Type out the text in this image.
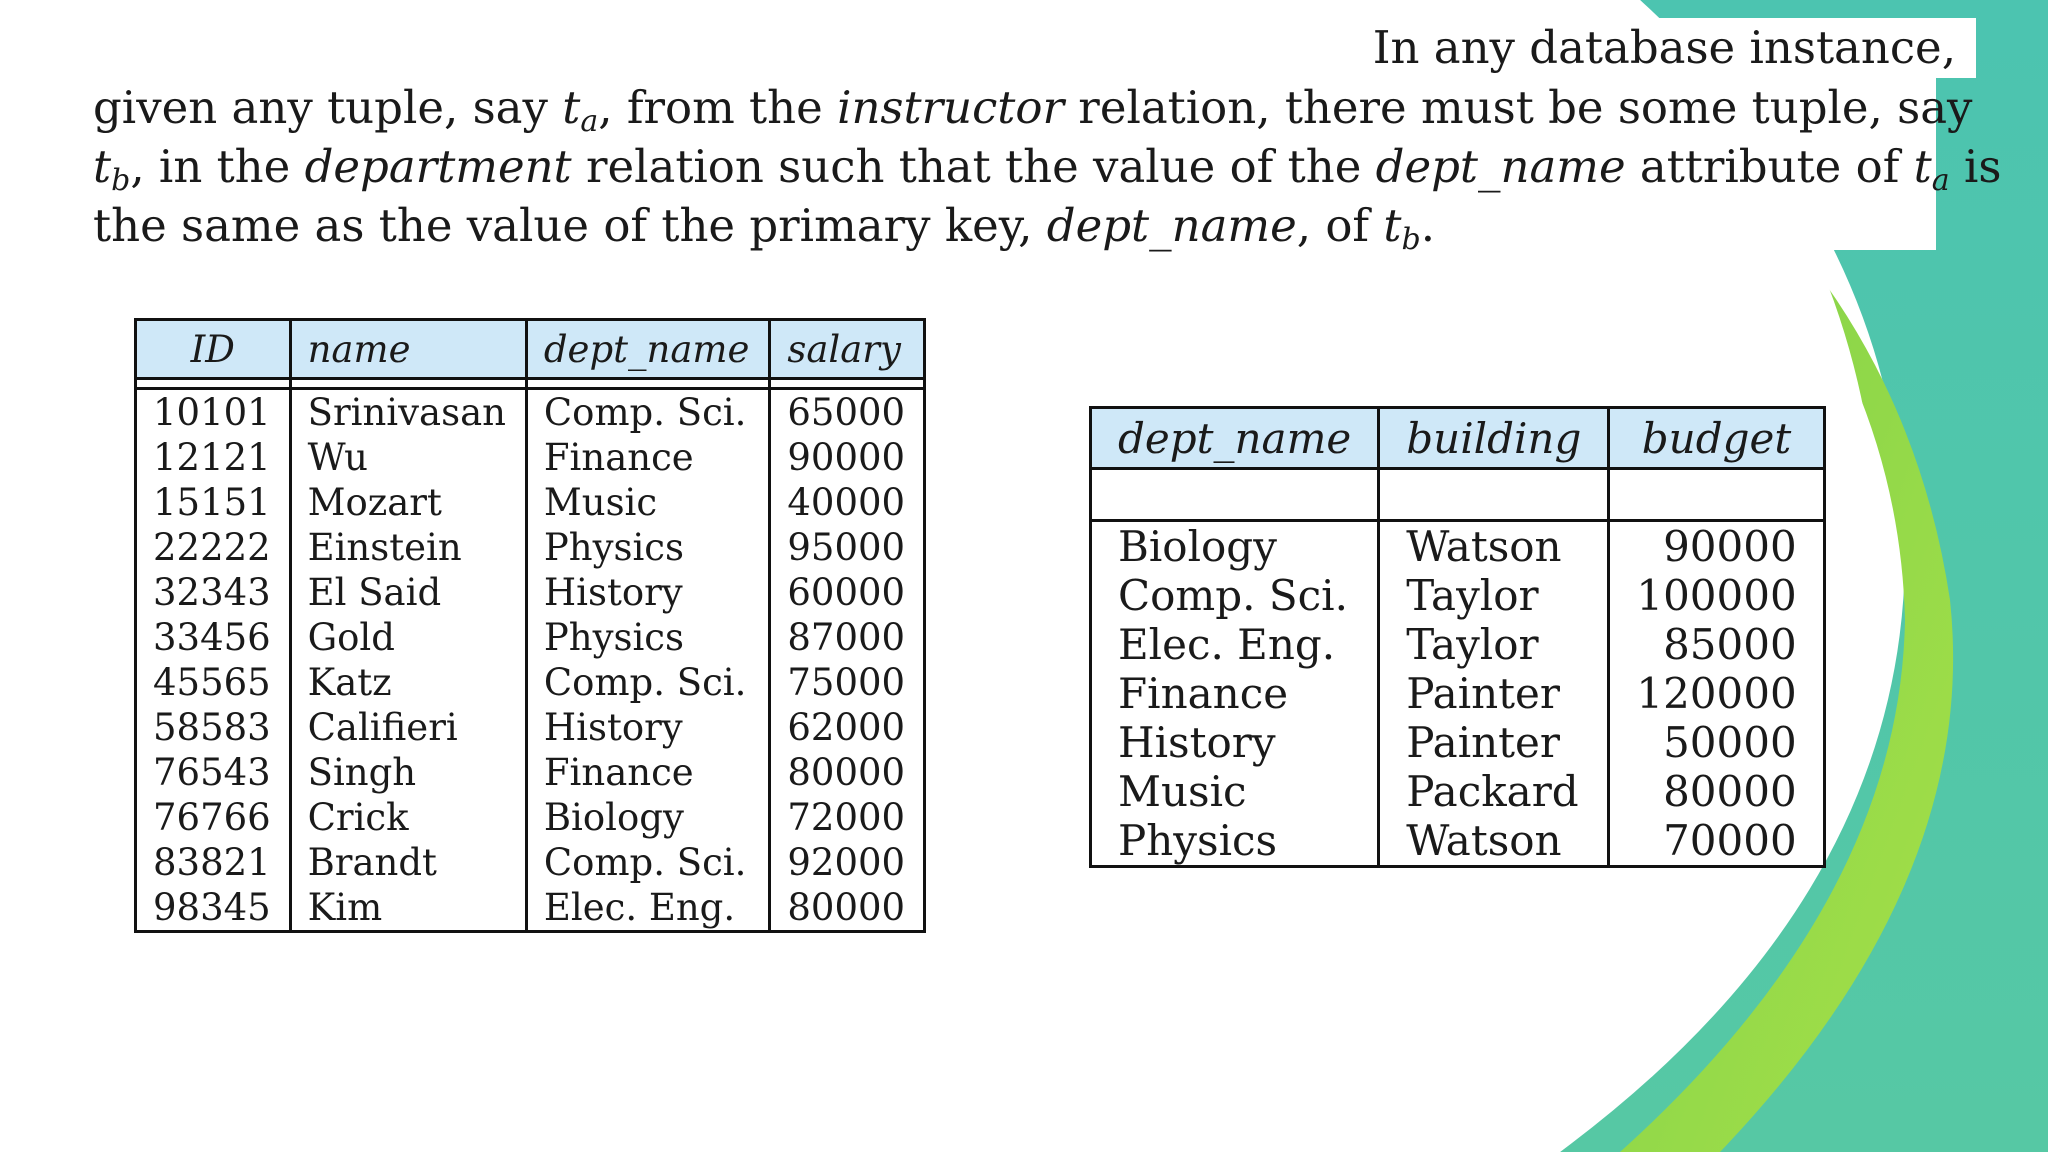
In any database instance,
given any tuple, say $t_a$, from the instructor relation, there must be some tuple, say
$t_b$, in the department relation such that the value of the dept_name attribute of $t_a$ is
the same as the value of the primary key, dept_name, of $t_b$.
ID	name	dept_name	salary

10101	Srinivasan	Comp. Sci.	65000
12121	Wu	Finance	90000
15151	Mozart	Music	40000
22222	Einstein	Physics	95000
32343	El Said	History	60000
33456	Gold	Physics	87000
45565	Katz	Comp. Sci.	75000
58583	Califieri	History	62000
76543	Singh	Finance	80000
76766	Crick	Biology	72000
83821	Brandt	Comp. Sci.	92000
98345	Kim	Elec. Eng.	80000
dept_name	building	budget

Biology	Watson	90000
Comp. Sci.	Taylor	100000
Elec. Eng.	Taylor	85000
Finance	Painter	120000
History	Painter	50000
Music	Packard	80000
Physics	Watson	70000
